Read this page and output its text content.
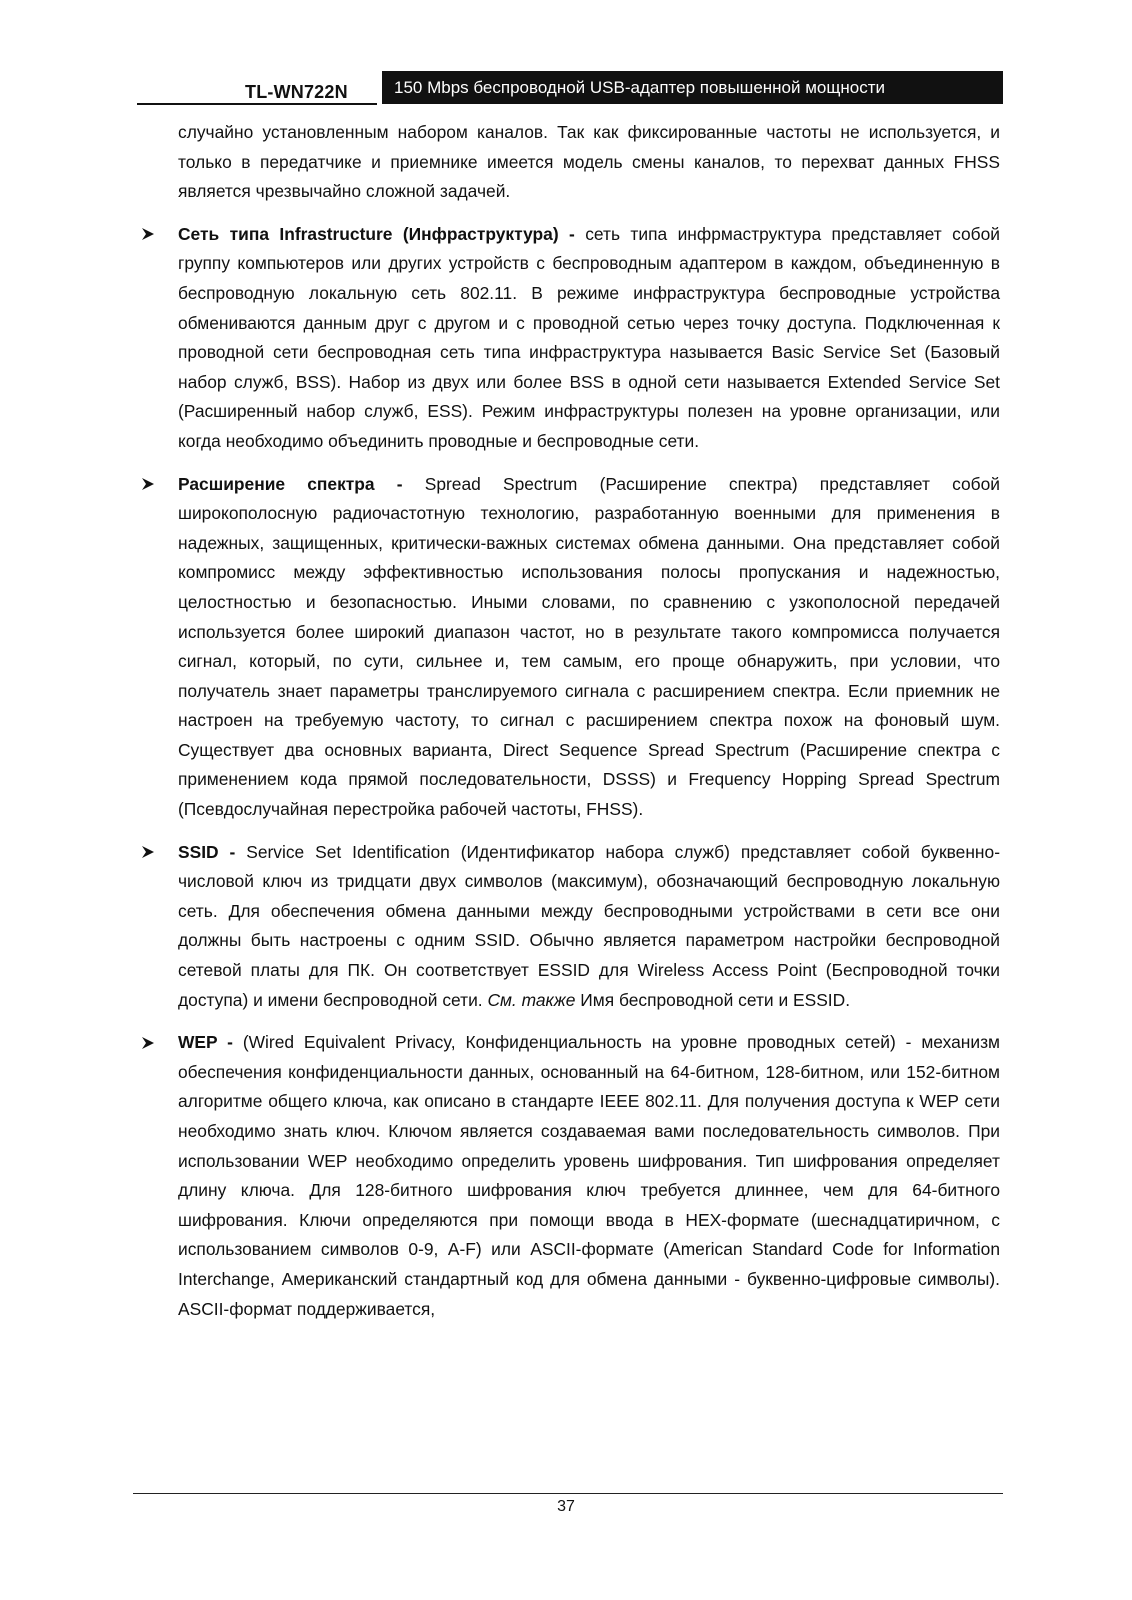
TL-WN722N	150 Mbps беспроводной USB-адаптер повышенной мощности

случайно установленным набором каналов. Так как фиксированные частоты не используется, и только в передатчике и приемнике имеется модель смены каналов, то перехват данных FHSS является чрезвычайно сложной задачей.

Сеть типа Infrastructure (Инфраструктура) - сеть типа инфрмаструктура представляет собой группу компьютеров или других устройств с беспроводным адаптером в каждом, объединенную в беспроводную локальную сеть 802.11. В режиме инфраструктура беспроводные устройства обмениваются данным друг с другом и с проводной сетью через точку доступа. Подключенная к проводной сети беспроводная сеть типа инфраструктура называется Basic Service Set (Базовый набор служб, BSS). Набор из двух или более BSS в одной сети называется Extended Service Set (Расширенный набор служб, ESS). Режим инфраструктуры полезен на уровне организации, или когда необходимо объединить проводные и беспроводные сети.
Расширение спектра - Spread Spectrum (Расширение спектра) представляет собой широкополосную радиочастотную технологию, разработанную военными для применения в надежных, защищенных, критически-важных системах обмена данными. Она представляет собой компромисс между эффективностью использования полосы пропускания и надежностью, целостностью и безопасностью. Иными словами, по сравнению с узкополосной передачей используется более широкий диапазон частот, но в результате такого компромисса получается сигнал, который, по сути, сильнее и, тем самым, его проще обнаружить, при условии, что получатель знает параметры транслируемого сигнала с расширением спектра. Если приемник не настроен на требуемую частоту, то сигнал с расширением спектра похож на фоновый шум. Существует два основных варианта, Direct Sequence Spread Spectrum (Расширение спектра с применением кода прямой последовательности, DSSS) и Frequency Hopping Spread Spectrum (Псевдослучайная перестройка рабочей частоты, FHSS).
SSID - Service Set Identification (Идентификатор набора служб) представляет собой буквенно-числовой ключ из тридцати двух символов (максимум), обозначающий беспроводную локальную сеть. Для обеспечения обмена данными между беспроводными устройствами в сети все они должны быть настроены с одним SSID. Обычно является параметром настройки беспроводной сетевой платы для ПК. Он соответствует ESSID для Wireless Access Point (Беспроводной точки доступа) и имени беспроводной сети. См. также Имя беспроводной сети и ESSID.
WEP - (Wired Equivalent Privacy, Конфиденциальность на уровне проводных сетей) - механизм обеспечения конфиденциальности данных, основанный на 64-битном, 128-битном, или 152-битном алгоритме общего ключа, как описано в стандарте IEEE 802.11. Для получения доступа к WEP сети необходимо знать ключ. Ключом является создаваемая вами последовательность символов. При использовании WEP необходимо определить уровень шифрования. Тип шифрования определяет длину ключа. Для 128-битного шифрования ключ требуется длиннее, чем для 64-битного шифрования. Ключи определяются при помощи ввода в HEX-формате (шеснадцатиричном, с использованием символов 0-9, A-F) или ASCII-формате (American Standard Code for Information Interchange, Американский стандартный код для обмена данными - буквенно-цифровые символы). ASCII-формат поддерживается,
37
